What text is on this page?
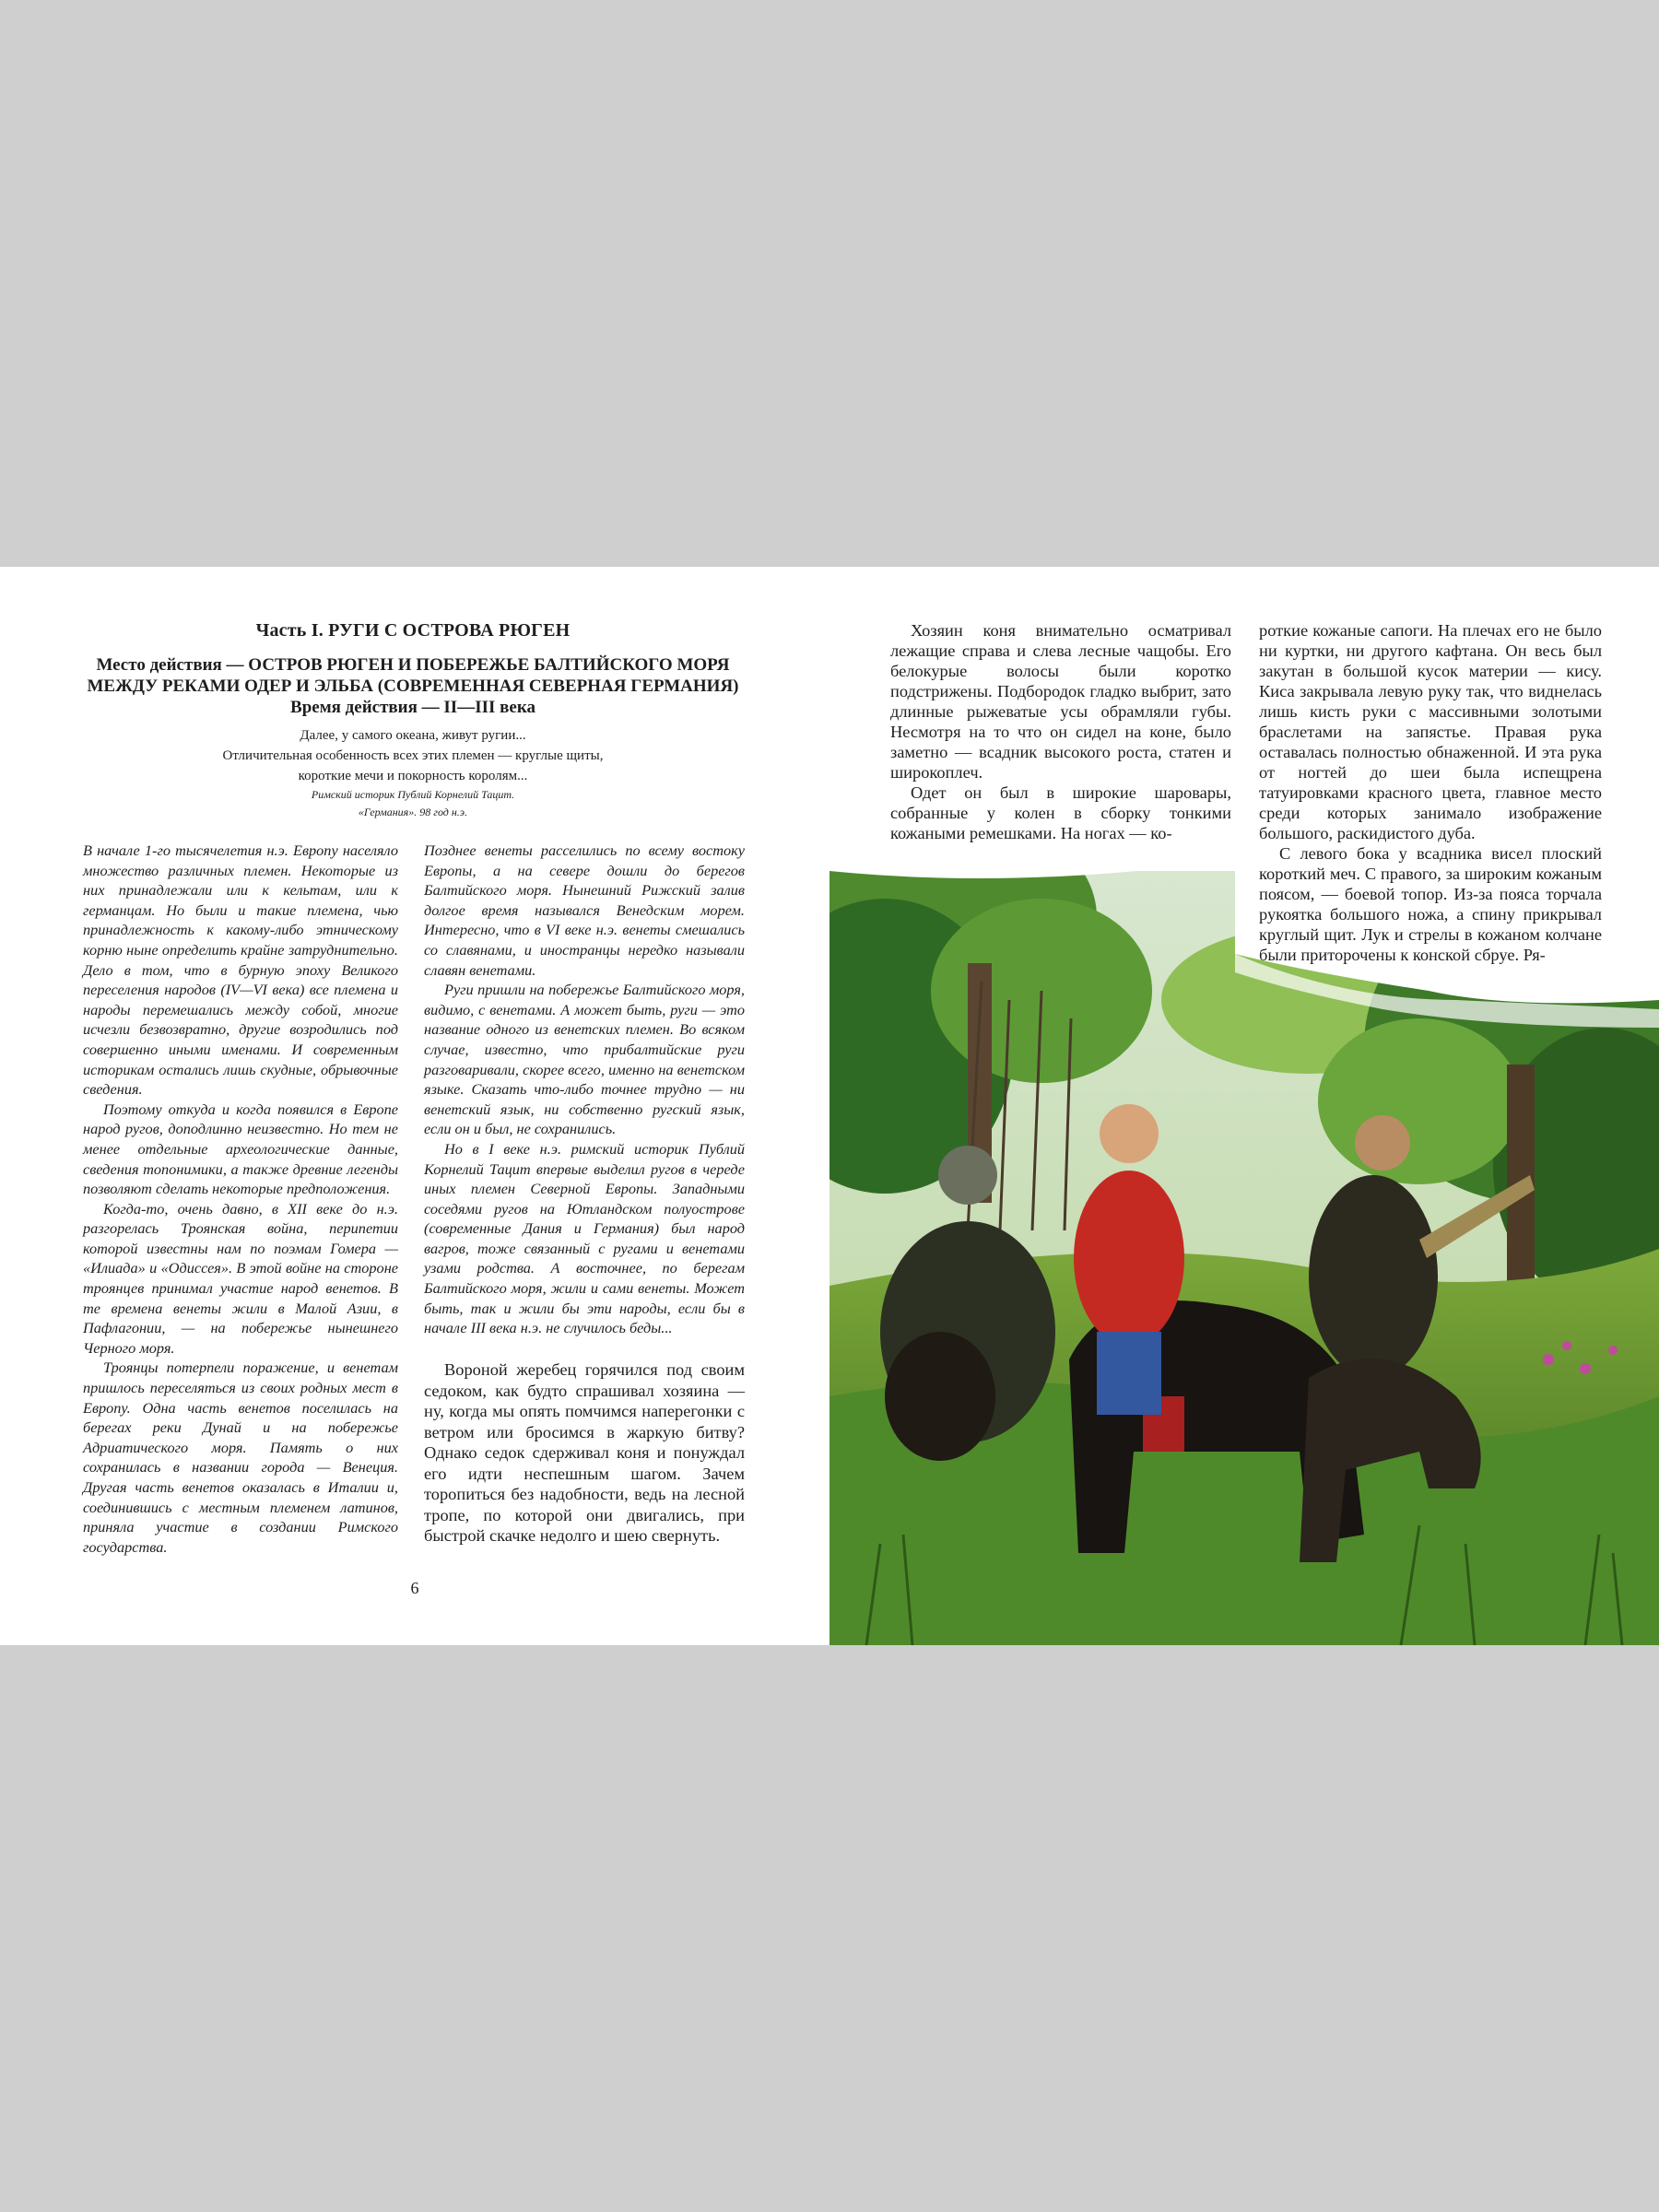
Часть I. РУГИ С ОСТРОВА РЮГЕН
Место действия — ОСТРОВ РЮГЕН И ПОБЕРЕЖЬЕ БАЛТИЙСКОГО МОРЯ
МЕЖДУ РЕКАМИ ОДЕР И ЭЛЬБА (СОВРЕМЕННАЯ СЕВЕРНАЯ ГЕРМАНИЯ)
Время действия — II—III века
Далее, у самого океана, живут ругии...
Отличительная особенность всех этих племен — круглые щиты,
короткие мечи и покорность королям...
Римский историк Публий Корнелий Тацит.
«Германия». 98 год н.э.

В начале 1-го тысячелетия н.э. Европу населяло множество различных племен. Некоторые из них принадлежали или к кельтам, или к германцам. Но были и такие племена, чью принадлежность к какому-либо этническому корню ныне определить крайне затруднительно. Дело в том, что в бурную эпоху Великого переселения народов (IV—VI века) все племена и народы перемешались между собой, многие исчезли безвозвратно, другие возродились под совершенно иными именами. И современным историкам остались лишь скудные, обрывочные сведения.

Поэтому откуда и когда появился в Европе народ ругов, доподлинно неизвестно. Но тем не менее отдельные археологические данные, сведения топонимики, а также древние легенды позволяют сделать некоторые предположения.

Когда-то, очень давно, в XII веке до н.э. разгорелась Троянская война, перипетии которой известны нам по поэмам Гомера — «Илиада» и «Одиссея». В этой войне на стороне троянцев принимал участие народ венетов. В те времена венеты жили в Малой Азии, в Пафлагонии, — на побережье нынешнего Черного моря.

Троянцы потерпели поражение, и венетам пришлось переселяться из своих родных мест в Европу. Одна часть венетов поселилась на берегах реки Дунай и на побережье Адриатического моря. Память о них сохранилась в названии города — Венеция. Другая часть венетов оказалась в Италии и, соединившись с местным племенем латинов, приняла участие в создании Римского государства.

Позднее венеты расселились по всему востоку Европы, а на севере дошли до берегов Балтийского моря. Нынешний Рижский залив долгое время назывался Венедским морем. Интересно, что в VI веке н.э. венеты смешались со славянами, и иностранцы нередко называли славян венетами.

Руги пришли на побережье Балтийского моря, видимо, с венетами. А может быть, руги — это название одного из венетских племен. Во всяком случае, известно, что прибалтийские руги разговаривали, скорее всего, именно на венетском языке. Сказать что-либо точнее трудно — ни венетский язык, ни собственно ругский язык, если он и был, не сохранились.

Но в I веке н.э. римский историк Публий Корнелий Тацит впервые выделил ругов в череде иных племен Северной Европы. Западными соседями ругов на Ютландском полуострове (современные Дания и Германия) был народ вагров, тоже связанный с ругами и венетами узами родства. А восточнее, по берегам Балтийского моря, жили и сами венеты. Может быть, так и жили бы эти народы, если бы в начале III века н.э. не случилось беды...

Вороной жеребец горячился под своим седоком, как будто спрашивал хозяина — ну, когда мы опять помчимся наперегонки с ветром или бросимся в жаркую битву? Однако седок сдерживал коня и понуждал его идти неспешным шагом. Зачем торопиться без надобности, ведь на лесной тропе, по которой они двигались, при быстрой скачке недолго и шею свернуть.

6

Хозяин коня внимательно осматривал лежащие справа и слева лесные чащобы. Его белокурые волосы были коротко подстрижены. Подбородок гладко выбрит, зато длинные рыжеватые усы обрамляли губы. Несмотря на то что он сидел на коне, было заметно — всадник высокого роста, статен и широкоплеч.

Одет он был в широкие шаровары, собранные у колен в сборку тонкими кожаными ремешками. На ногах — ко-

роткие кожаные сапоги. На плечах его не было ни куртки, ни другого кафтана. Он весь был закутан в большой кусок материи — кису. Киса закрывала левую руку так, что виднелась лишь кисть руки с массивными золотыми браслетами на запястье. Правая рука оставалась полностью обнаженной. И эта рука от ногтей до шеи была испещрена татуировками красного цвета, главное место среди которых занимало изображение большого, раскидистого дуба.

С левого бока у всадника висел плоский короткий меч. С правого, за широким кожаным поясом, — боевой топор. Из-за пояса торчала рукоятка большого ножа, а спину прикрывал круглый щит. Лук и стрелы в кожаном колчане были приторочены к конской сбруе. Ря-
